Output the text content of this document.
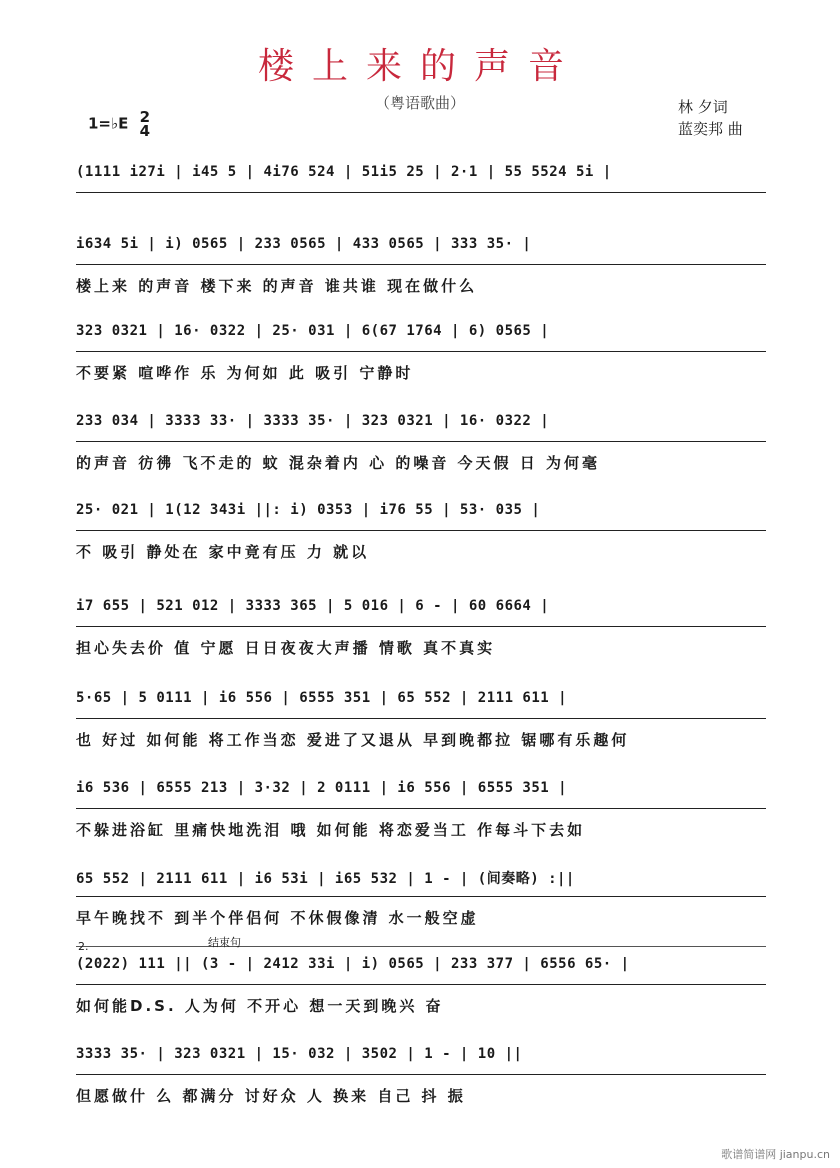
楼上来的声音
（粤语歌曲）
1=♭E 2
4
林 夕词
蓝奕邦 曲
(1111 i27i | i45 5 | 4i76 524 | 51i5 25 | 2·1 | 55 5524 5i |
i634 5i | i) 0565 | 233 0565 | 433 0565 | 333 35· |
楼上来 的声音 楼下来 的声音 谁共谁 现在做什么
323 0321 | 16· 0322 | 25· 031 | 6(67 1764 | 6) 0565 |
不要紧 喧哗作 乐 为何如 此 吸引 宁静时
233 034 | 3333 33· | 3333 35· | 323 0321 | 16· 0322 |
的声音 彷彿 飞不走的 蚊 混杂着内 心 的噪音 今天假 日 为何毫
25· 021 | 1(12 343i ||: i) 0353 | i76 55 | 53· 035 |
不 吸引 静处在 家中竟有压 力 就以
i7 655 | 521 012 | 3333 365 | 5 016 | 6 - | 60 6664 |
担心失去价 值 宁愿 日日夜夜大声播 情歌 真不真实
5·65 | 5 0111 | i6 556 | 6555 351 | 65 552 | 2111 611 |
也 好过 如何能 将工作当恋 爱进了又退从 早到晚都拉 锯哪有乐趣何
i6 536 | 6555 213 | 3·32 | 2 0111 | i6 556 | 6555 351 |
不躲进浴缸 里痛快地洗泪 哦 如何能 将恋爱当工 作每斗下去如
65 552 | 2111 611 | i6 53i | i65 532 | 1 - | (间奏略) :||
早午晚找不 到半个伴侣何 不休假像清 水一般空虚
2.	结束句
(2022) 111 || (3 - | 2412 33i | i) 0565 | 233 377 | 6556 65· |
如何能D.S. 人为何 不开心 想一天到晚兴 奋
3333 35· | 323 0321 | 15· 032 | 3502 | 1 - | 10 ||
但愿做什 么 都满分 讨好众 人 换来 自己 抖 振
歌谱简谱网 jianpu.cn
